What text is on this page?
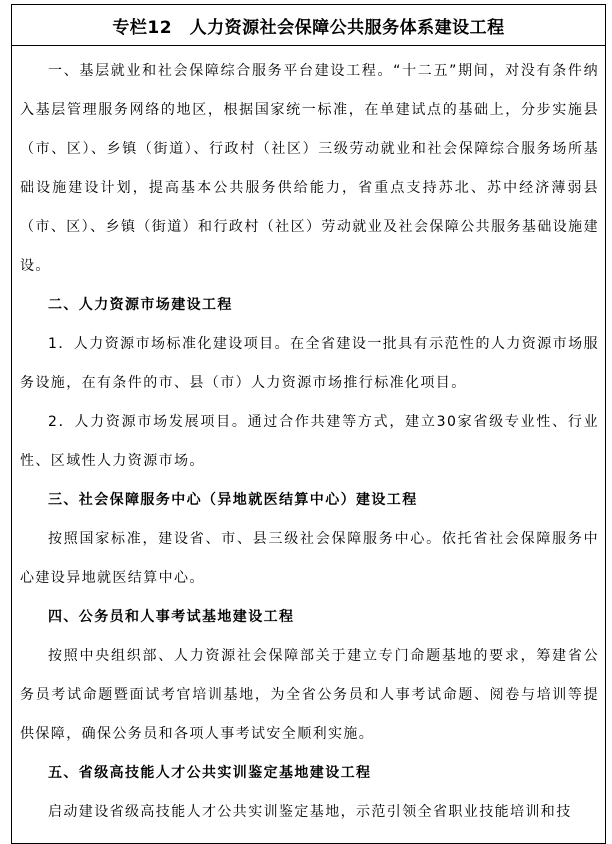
专栏12　人力资源社会保障公共服务体系建设工程

一、基层就业和社会保障综合服务平台建设工程。“十二五”期间，对没有条件纳入基层管理服务网络的地区，根据国家统一标准，在单建试点的基础上，分步实施县（市、区）、乡镇（街道）、行政村（社区）三级劳动就业和社会保障综合服务场所基础设施建设计划，提高基本公共服务供给能力，省重点支持苏北、苏中经济薄弱县（市、区）、乡镇（街道）和行政村（社区）劳动就业及社会保障公共服务基础设施建设。

二、人力资源市场建设工程

1．人力资源市场标准化建设项目。在全省建设一批具有示范性的人力资源市场服务设施，在有条件的市、县（市）人力资源市场推行标准化项目。

2．人力资源市场发展项目。通过合作共建等方式，建立30家省级专业性、行业性、区域性人力资源市场。

三、社会保障服务中心（异地就医结算中心）建设工程

按照国家标准，建设省、市、县三级社会保障服务中心。依托省社会保障服务中心建设异地就医结算中心。

四、公务员和人事考试基地建设工程

按照中央组织部、人力资源社会保障部关于建立专门命题基地的要求，筹建省公务员考试命题暨面试考官培训基地，为全省公务员和人事考试命题、阅卷与培训等提供保障，确保公务员和各项人事考试安全顺利实施。

五、省级高技能人才公共实训鉴定基地建设工程

启动建设省级高技能人才公共实训鉴定基地，示范引领全省职业技能培训和技
